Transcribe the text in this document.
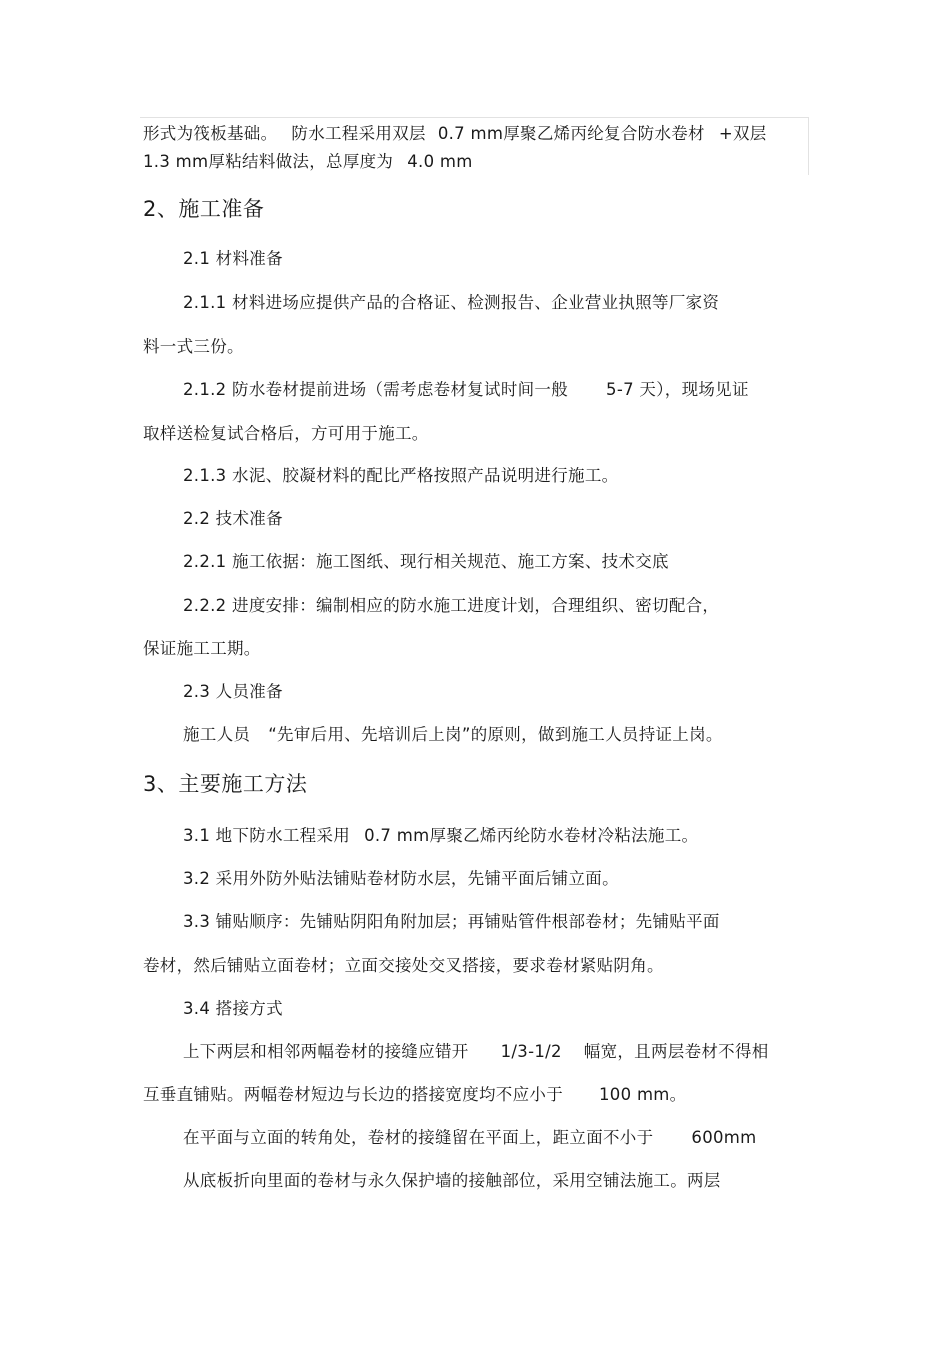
形式为筏板基础。 防水工程采用双层 0.7 mm厚聚乙烯丙纶复合防水卷材 +双层
1.3 mm厚粘结料做法，总厚度为 4.0 mm
2、施工准备
2.1 材料准备
2.1.1 材料进场应提供产品的合格证、检测报告、企业营业执照等厂家资
料一式三份。
2.1.2 防水卷材提前进场（需考虑卷材复试时间一般 5-7 天），现场见证
取样送检复试合格后，方可用于施工。
2.1.3 水泥、胶凝材料的配比严格按照产品说明进行施工。
2.2 技术准备
2.2.1 施工依据：施工图纸、现行相关规范、施工方案、技术交底
2.2.2 进度安排：编制相应的防水施工进度计划，合理组织、密切配合，
保证施工工期。
2.3 人员准备
施工人员 “先审后用、先培训后上岗”的原则，做到施工人员持证上岗。
3、主要施工方法
3.1 地下防水工程采用 0.7 mm厚聚乙烯丙纶防水卷材冷粘法施工。
3.2 采用外防外贴法铺贴卷材防水层，先铺平面后铺立面。
3.3 铺贴顺序：先铺贴阴阳角附加层；再铺贴管件根部卷材；先铺贴平面
卷材，然后铺贴立面卷材；立面交接处交叉搭接，要求卷材紧贴阴角。
3.4 搭接方式
上下两层和相邻两幅卷材的接缝应错开 1/3-1/2 幅宽，且两层卷材不得相
互垂直铺贴。两幅卷材短边与长边的搭接宽度均不应小于 100 mm。
在平面与立面的转角处，卷材的接缝留在平面上，距立面不小于 600mm
从底板折向里面的卷材与永久保护墙的接触部位，采用空铺法施工。两层
